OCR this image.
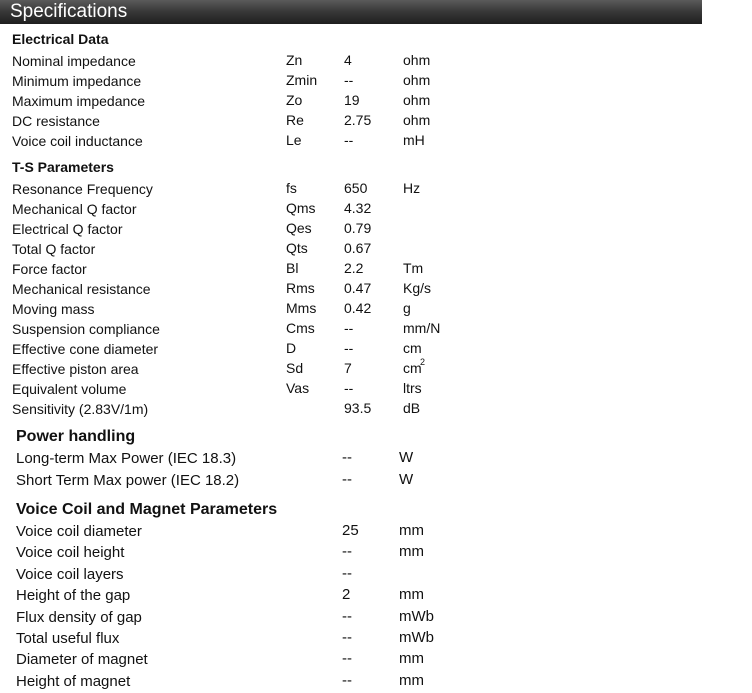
Specifications
Electrical Data
Nominal impedance	Zn	4	ohm
Minimum impedance	Zmin --	ohm
Maximum impedance	Zo	19	ohm
DC resistance	Re	2.75 ohm
Voice coil inductance	Le	--	mH
T-S Parameters
Resonance Frequency	fs	650	Hz
Mechanical Q factor	Qms 4.32
Electrical Q factor	Qes 0.79
Total Q factor	Qts	0.67
Force factor	Bl	2.2	Tm
Mechanical resistance	Rms 0.47 Kg/s
Moving mass	Mms 0.42 g
Suspension compliance	Cms --	mm/N
Effective cone diameter	D	--	cm
Effective piston area	Sd	7	cm
2
Equivalent volume	Vas --	ltrs
Sensitivity (2.83V/1m)	93.5 dB
Power handling
Long-term Max Power (IEC 18.3)	--	W
Short Term Max power (IEC 18.2)	--	W
Voice Coil and Magnet Parameters
Voice coil diameter	25	mm
Voice coil height	--	mm
Voice coil layers	--
Height of the gap	2	mm
Flux density of gap	--	mWb
Total useful flux	--	mWb
Diameter of magnet	--	mm
Height of magnet	--	mm
